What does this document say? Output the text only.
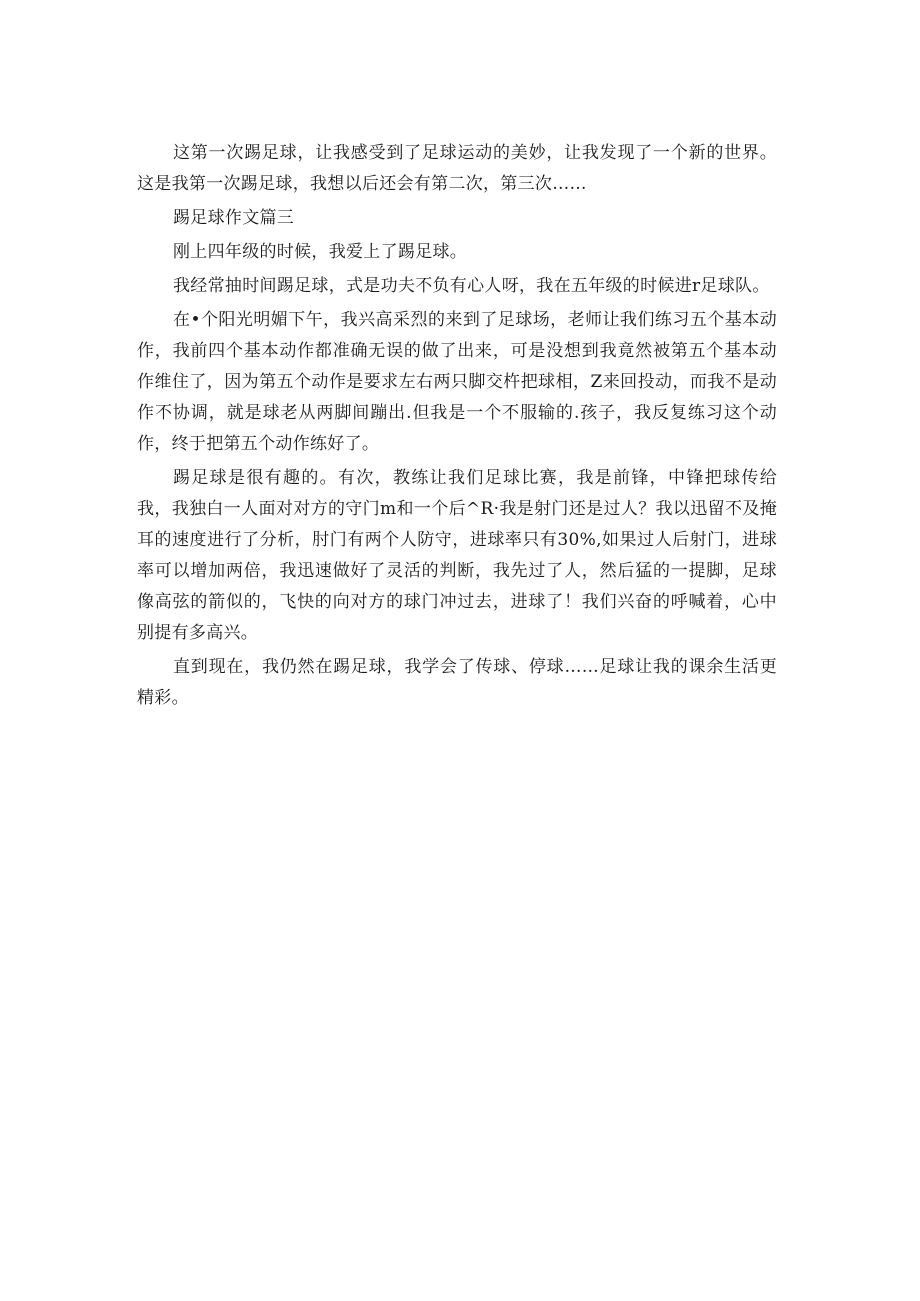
这第一次踢足球，让我感受到了足球运动的美妙，让我发现了一个新的世界。这是我第一次踢足球，我想以后还会有第二次，第三次……

踢足球作文篇三

刚上四年级的时候，我爱上了踢足球。

我经常抽时间踢足球，式是功夫不负有心人呀，我在五年级的时候进r足球队。

在•个阳光明媚下午，我兴高采烈的来到了足球场，老师让我们练习五个基本动作，我前四个基本动作都准确无误的做了出来，可是没想到我竟然被第五个基本动作维住了，因为第五个动作是要求左右两只脚交杵把球相，Z来回投动，而我不是动作不协调，就是球老从两脚间蹦出.但我是一个不服输的.孩子，我反复练习这个动作，终于把第五个动作练好了。

踢足球是很有趣的。有次，教练让我们足球比赛，我是前锋，中锋把球传给我，我独白一人面对对方的守门m和一个后^R·我是射门还是过人？我以迅留不及掩耳的速度进行了分析，肘门有两个人防守，进球率只有30%,如果过人后射门，进球率可以增加两倍，我迅速做好了灵活的判断，我先过了人，然后猛的一提脚，足球像高弦的箭似的，飞快的向对方的球门冲过去，进球了！我们兴奋的呼喊着，心中别提有多高兴。

直到现在，我仍然在踢足球，我学会了传球、停球……足球让我的课余生活更精彩。
